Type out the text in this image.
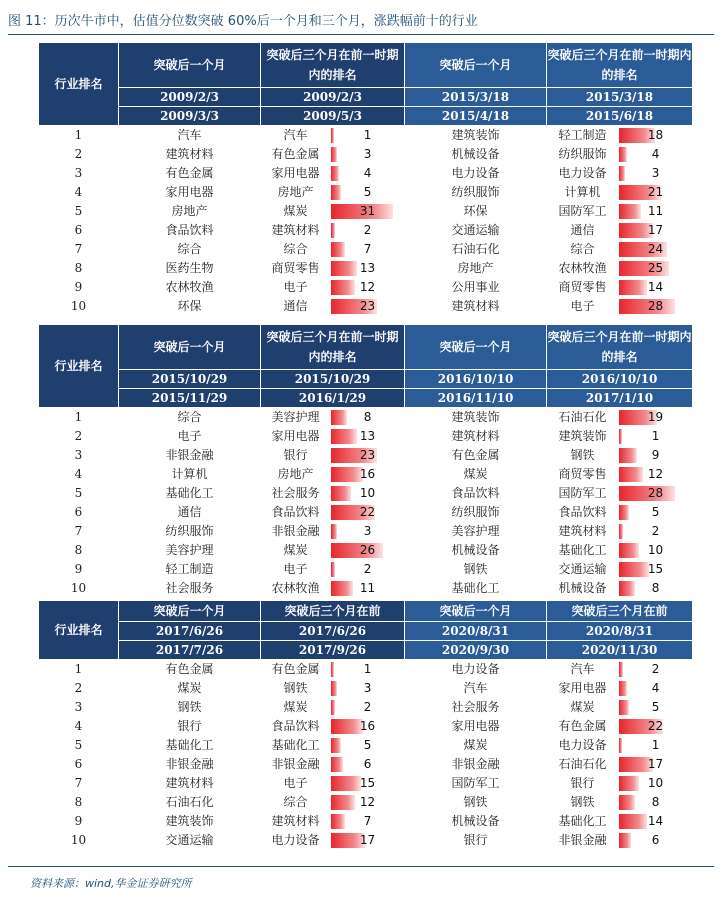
图 11：历次牛市中，估值分位数突破 60%后一个月和三个月，涨跌幅前十的行业
行业排名	突破后一个月	突破后三个月在前一时期内的排名		突破后一个月	突破后三个月在前一时期内的排名	
	2009/2/3	2009/2/3		2015/3/18	2015/3/18	
	2009/3/3	2009/5/3		2015/4/18	2015/6/18	
1	汽车	汽车	1	建筑装饰	轻工制造	18

2	建筑材料	有色金属	3	机械设备	纺织服饰	4

3	有色金属	家用电器	4	电力设备	电力设备	3

4	家用电器	房地产	5	纺织服饰	计算机	21

5	房地产	煤炭	31	环保	国防军工	11

6	食品饮料	建筑材料	2	交通运输	通信	17

7	综合	综合	7	石油石化	综合	24

8	医药生物	商贸零售	13	房地产	农林牧渔	25

9	农林牧渔	电子	12	公用事业	商贸零售	14

10	环保	通信	23	建筑材料	电子	28
行业排名	突破后一个月	突破后三个月在前一时期内的排名		突破后一个月	突破后三个月在前一时期内的排名	
	2015/10/29	2015/10/29		2016/10/10	2016/10/10	
	2015/11/29	2016/1/29		2016/11/10	2017/1/10	
1	综合	美容护理	8	建筑装饰	石油石化	19

2	电子	家用电器	13	建筑材料	建筑装饰	1

3	非银金融	银行	23	有色金属	钢铁	9

4	计算机	房地产	16	煤炭	商贸零售	12

5	基础化工	社会服务	10	食品饮料	国防军工	28

6	通信	食品饮料	22	纺织服饰	食品饮料	5

7	纺织服饰	非银金融	3	美容护理	建筑材料	2

8	美容护理	煤炭	26	机械设备	基础化工	10

9	轻工制造	电子	2	钢铁	交通运输	15

10	社会服务	农林牧渔	11	基础化工	机械设备	8
行业排名	突破后一个月	突破后三个月在前		突破后一个月	突破后三个月在前	
	2017/6/26	2017/6/26		2020/8/31	2020/8/31	
	2017/7/26	2017/9/26		2020/9/30	2020/11/30	
1	有色金属	有色金属	1	电力设备	汽车	2

2	煤炭	钢铁	3	汽车	家用电器	4

3	钢铁	煤炭	2	社会服务	煤炭	5

4	银行	食品饮料	16	家用电器	有色金属	22

5	基础化工	基础化工	5	煤炭	电力设备	1

6	非银金融	非银金融	6	非银金融	石油石化	17

7	建筑材料	电子	15	国防军工	银行	10

8	石油石化	综合	12	钢铁	钢铁	8

9	建筑装饰	建筑材料	7	机械设备	基础化工	14

10	交通运输	电力设备	17	银行	非银金融	6
资料来源：wind,华金证券研究所
